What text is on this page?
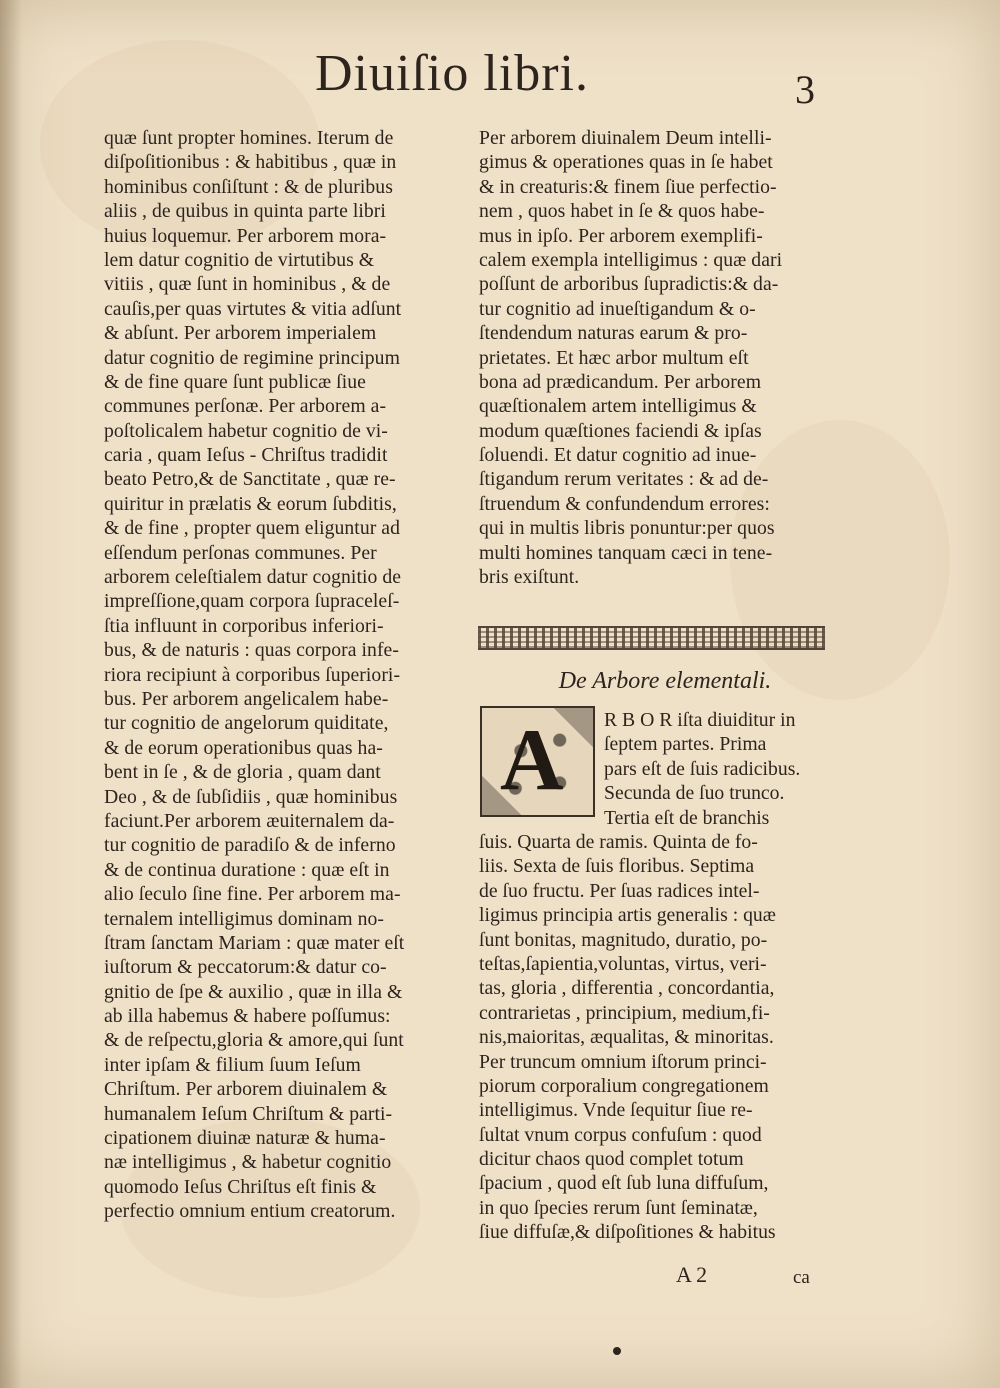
Diuiſio libri.	3
quæ ſunt propter homines. Iterum de
diſpoſitionibus : & habitibus , quæ in
hominibus conſiſtunt : & de pluribus
aliis , de quibus in quinta parte libri
huius loquemur. Per arborem mora-
lem datur cognitio de virtutibus &
vitiis , quæ ſunt in hominibus , & de
cauſis,per quas virtutes & vitia adſunt
& abſunt. Per arborem imperialem
datur cognitio de regimine principum
& de fine quare ſunt publicæ ſiue
communes perſonæ. Per arborem a-
poſtolicalem habetur cognitio de vi-
caria , quam Ieſus - Chriſtus tradidit
beato Petro,& de Sanctitate , quæ re-
quiritur in prælatis & eorum ſubditis,
& de fine , propter quem eliguntur ad
eſſendum perſonas communes. Per
arborem celeſtialem datur cognitio de
impreſſione,quam corpora ſupraceleſ-
ſtia influunt in corporibus inferiori-
bus, & de naturis : quas corpora infe-
riora recipiunt à corporibus ſuperiori-
bus. Per arborem angelicalem habe-
tur cognitio de angelorum quiditate,
& de eorum operationibus quas ha-
bent in ſe , & de gloria , quam dant
Deo , & de ſubſidiis , quæ hominibus
faciunt.Per arborem æuiternalem da-
tur cognitio de paradiſo & de inferno
& de continua duratione : quæ eſt in
alio ſeculo ſine fine. Per arborem ma-
ternalem intelligimus dominam no-
ſtram ſanctam Mariam : quæ mater eſt
iuſtorum & peccatorum:& datur co-
gnitio de ſpe & auxilio , quæ in illa &
ab illa habemus & habere poſſumus:
& de reſpectu,gloria & amore,qui ſunt
inter ipſam & filium ſuum Ieſum
Chriſtum. Per arborem diuinalem &
humanalem Ieſum Chriſtum & parti-
cipationem diuinæ naturæ & huma-
næ intelligimus , & habetur cognitio
quomodo Ieſus Chriſtus eſt finis &
perfectio omnium entium creatorum.
Per arborem diuinalem Deum intelli-
gimus & operationes quas in ſe habet
& in creaturis:& finem ſiue perfectio-
nem , quos habet in ſe & quos habe-
mus in ipſo. Per arborem exemplifi-
calem exempla intelligimus : quæ dari
poſſunt de arboribus ſupradictis:& da-
tur cognitio ad inueſtigandum & o-
ſtendendum naturas earum & pro-
prietates. Et hæc arbor multum eſt
bona ad prædicandum. Per arborem
quæſtionalem artem intelligimus &
modum quæſtiones faciendi & ipſas
ſoluendi. Et datur cognitio ad inue-
ſtigandum rerum veritates : & ad de-
ſtruendum & confundendum errores:
qui in multis libris ponuntur:per quos
multi homines tanquam cæci in tene-
bris exiſtunt.
De Arbore elementali.
A R B O R iſta diuiditur in
ſeptem partes. Prima
pars eſt de ſuis radicibus.
Secunda de ſuo trunco.
Tertia eſt de branchis
ſuis. Quarta de ramis. Quinta de fo-
liis. Sexta de ſuis floribus. Septima
de ſuo fructu. Per ſuas radices intel-
ligimus principia artis generalis : quæ
ſunt bonitas, magnitudo, duratio, po-
teſtas,ſapientia,voluntas, virtus, veri-
tas, gloria , differentia , concordantia,
contrarietas , principium, medium,fi-
nis,maioritas, æqualitas, & minoritas.
Per truncum omnium iſtorum princi-
piorum corporalium congregationem
intelligimus. Vnde ſequitur ſiue re-
ſultat vnum corpus confuſum : quod
dicitur chaos quod complet totum
ſpacium , quod eſt ſub luna diffuſum,
in quo ſpecies rerum ſunt ſeminatæ,
ſiue diffuſæ,& diſpoſitiones & habitus
A 2	ca
